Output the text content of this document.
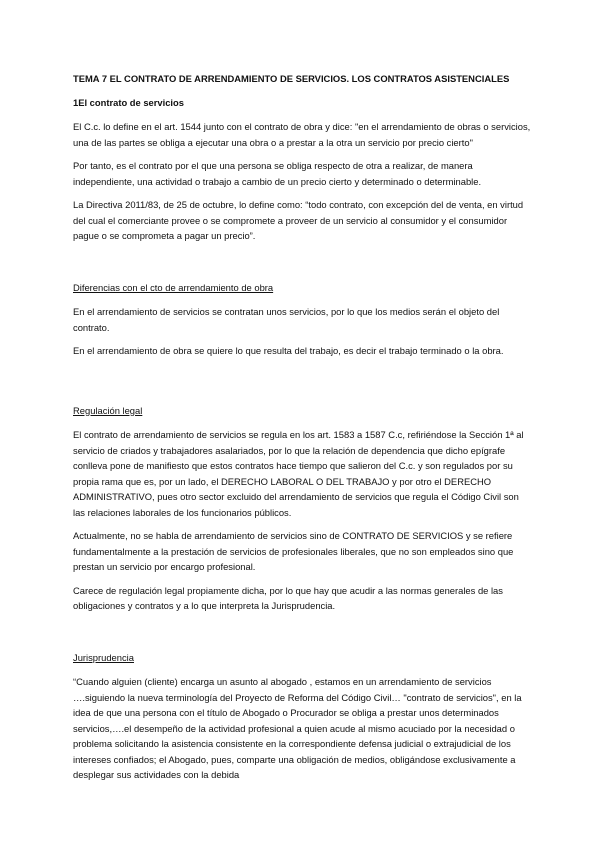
TEMA 7 EL CONTRATO DE ARRENDAMIENTO DE SERVICIOS. LOS CONTRATOS ASISTENCIALES
1El contrato de servicios

El C.c. lo define en el art. 1544 junto con el contrato de obra y dice: "en el arrendamiento de obras o servicios, una de las partes se obliga a ejecutar una obra o a prestar a la otra un servicio por precio cierto"

Por tanto, es el contrato por el que una persona se obliga respecto de otra a realizar, de manera independiente, una actividad o trabajo a cambio de un precio cierto y determinado o determinable.

La Directiva 2011/83, de 25 de octubre, lo define como: “todo contrato, con excepción del de venta, en virtud del cual el comerciante provee o se compromete a proveer de un servicio al consumidor y el consumidor pague o se comprometa a pagar un precio”.

Diferencias con el cto de arrendamiento de obra

En el arrendamiento de servicios se contratan unos servicios, por lo que los medios serán el objeto del contrato.

En el arrendamiento de obra se quiere lo que resulta del trabajo, es decir el trabajo terminado o la obra.

Regulación legal

El contrato de arrendamiento de servicios se regula en los art. 1583 a 1587 C.c, refiriéndose la Sección 1ª al servicio de criados y trabajadores asalariados, por lo que la relación de dependencia que dicho epígrafe conlleva pone de manifiesto que estos contratos hace tiempo que salieron del C.c. y son regulados por su propia rama que es, por un lado, el DERECHO LABORAL O DEL TRABAJO y por otro el DERECHO ADMINISTRATIVO, pues otro sector excluido del arrendamiento de servicios que regula el Código Civil son las relaciones laborales de los funcionarios públicos.

Actualmente, no se habla de arrendamiento de servicios sino de CONTRATO DE SERVICIOS y se refiere fundamentalmente a la prestación de servicios de profesionales liberales, que no son empleados sino que prestan un servicio por encargo profesional.

Carece de regulación legal propiamente dicha, por lo que hay que acudir a las normas generales de las obligaciones y contratos y a lo que interpreta la Jurisprudencia.

Jurisprudencia

“Cuando alguien (cliente) encarga un asunto al abogado , estamos en un arrendamiento de servicios ….siguiendo la nueva terminología del Proyecto de Reforma del Código Civil… "contrato de servicios", en la idea de que una persona con el título de Abogado o Procurador se obliga a prestar unos determinados servicios,….el desempeño de la actividad profesional a quien acude al mismo acuciado por la necesidad o problema solicitando la asistencia consistente en la correspondiente defensa judicial o extrajudicial de los intereses confiados; el Abogado, pues, comparte una obligación de medios, obligándose exclusivamente a desplegar sus actividades con la debida
